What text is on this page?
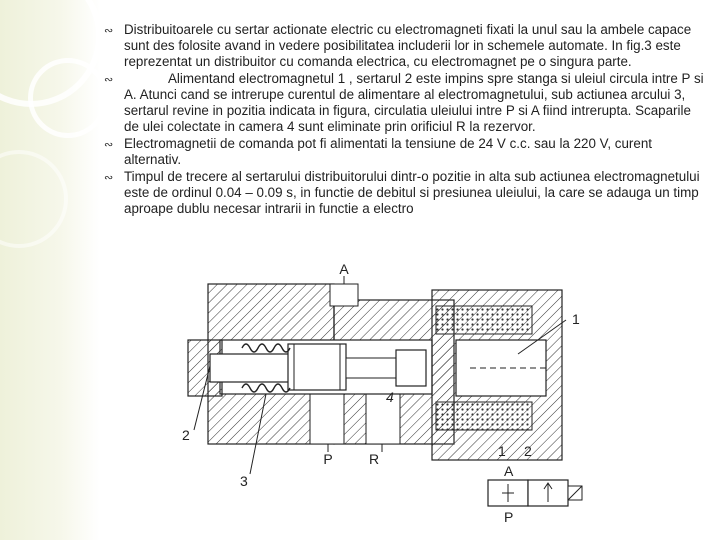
∾ Distribuitoarele cu sertar actionate electric cu electromagneti fixati la unul sau la ambele capace sunt des folosite avand in vedere posibilitatea includerii lor in schemele automate. In fig.3 este reprezentat un distribuitor cu comanda electrica, cu electromagnet pe o singura parte.
∾	Alimentand electromagnetul 1 , sertarul 2 este impins spre stanga si uleiul circula intre P si A. Atunci cand se intrerupe curentul de alimentare al electromagnetului, sub actiunea arcului 3, sertarul revine in pozitia indicata in figura, circulatia uleiului intre P si A fiind intrerupta. Scaparile de ulei colectate in camera 4 sunt eliminate prin orificiul R la rezervor.
∾ Electromagnetii de comanda pot fi alimentati la tensiune de 24 V c.c. sau la 220 V, curent alternativ.
∾ Timpul de trecere al sertarului distribuitorului dintr-o pozitie in alta sub actiunea electromagnetului este de ordinul 0.04 – 0.09 s, in functie de debitul si presiunea uleiului, la care se adauga un timp aproape dublu necesar intrarii in functie a electro
A
P	R
1
2
3
4
1 2
A
P
